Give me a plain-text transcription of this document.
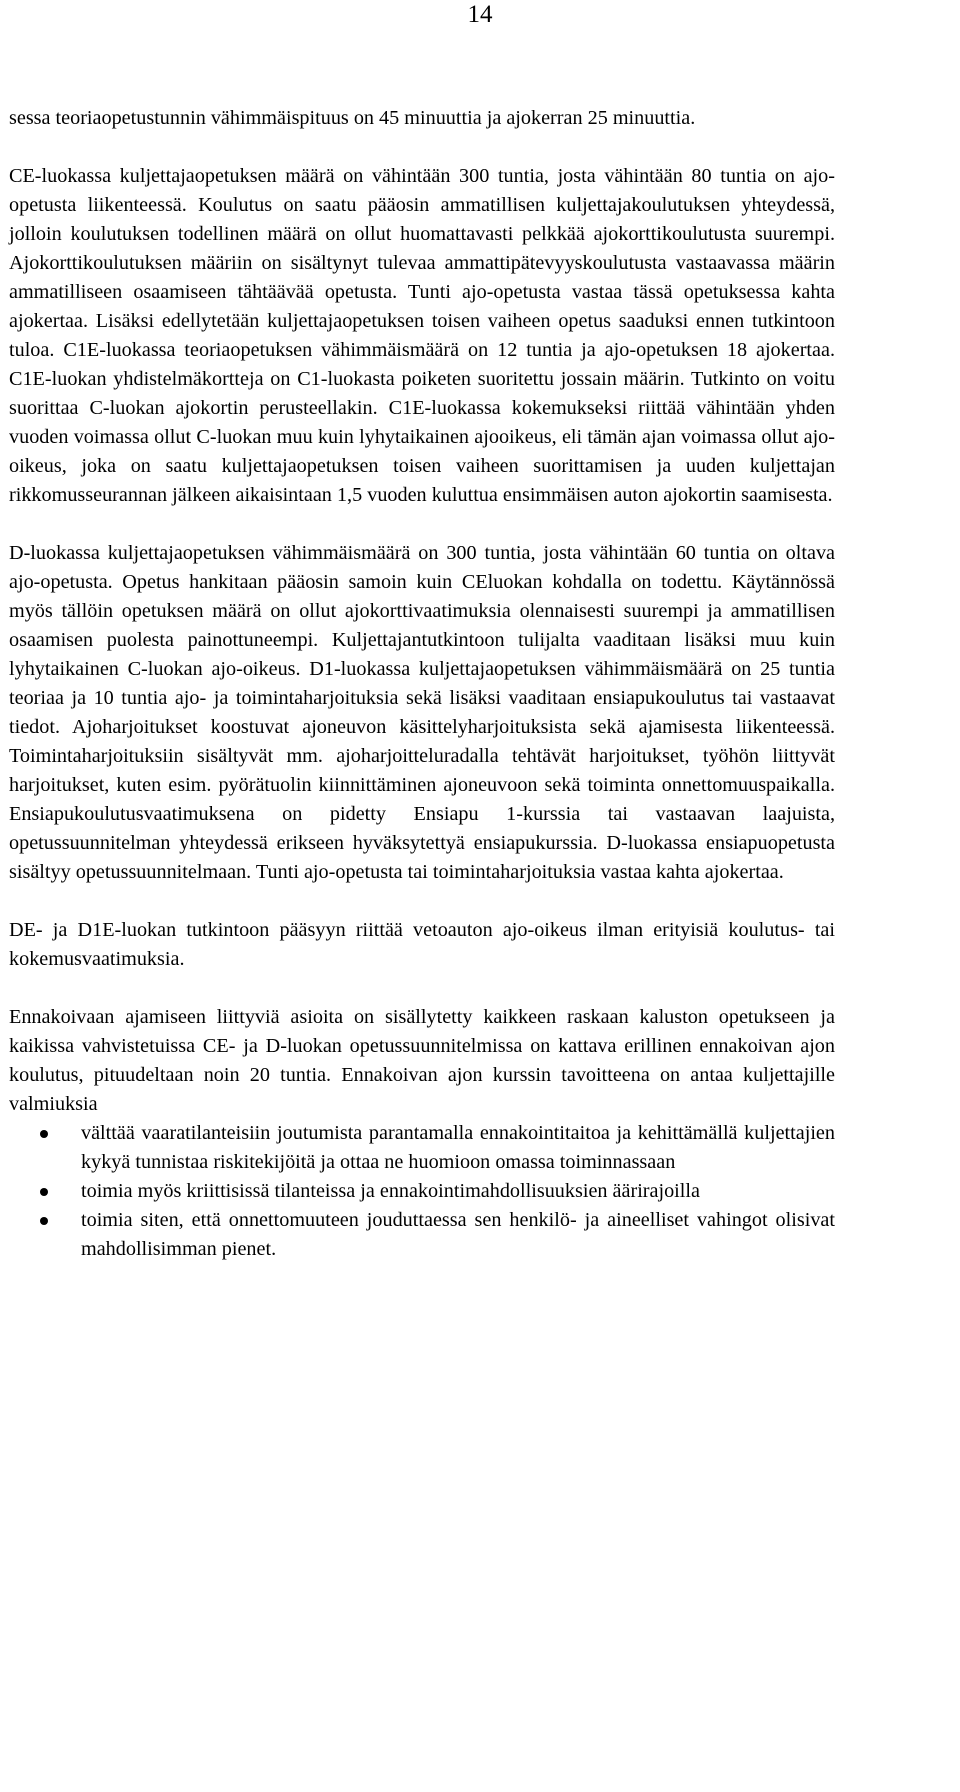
14

sessa teoriaopetustunnin vähimmäispituus on 45 minuuttia ja ajokerran 25 minuuttia.

CE-luokassa kuljettajaopetuksen määrä on vähintään 300 tuntia, josta vähintään 80 tuntia on ajo-opetusta liikenteessä. Koulutus on saatu pääosin ammatillisen kuljettajakoulutuksen yhteydessä, jolloin koulutuksen todellinen määrä on ollut huomattavasti pelkkää ajokorttikoulutusta suurempi. Ajokorttikoulutuksen määriin on sisältynyt tulevaa ammattipätevyyskoulutusta vastaavassa määrin ammatilliseen osaamiseen tähtäävää opetusta. Tunti ajo-opetusta vastaa tässä opetuksessa kahta ajokertaa. Lisäksi edellytetään kuljettajaopetuksen toisen vaiheen opetus saaduksi ennen tutkintoon tuloa. C1E-luokassa teoriaopetuksen vähimmäismäärä on 12 tuntia ja ajo-opetuksen 18 ajokertaa. C1E-luokan yhdistelmäkortteja on C1-luokasta poiketen suoritettu jossain määrin. Tutkinto on voitu suorittaa C-luokan ajokortin perusteellakin. C1E-luokassa kokemukseksi riittää vähintään yhden vuoden voimassa ollut C-luokan muu kuin lyhytaikainen ajooikeus, eli tämän ajan voimassa ollut ajo-oikeus, joka on saatu kuljettajaopetuksen toisen vaiheen suorittamisen ja uuden kuljettajan rikkomusseurannan jälkeen aikaisintaan 1,5 vuoden kuluttua ensimmäisen auton ajokortin saamisesta.

D-luokassa kuljettajaopetuksen vähimmäismäärä on 300 tuntia, josta vähintään 60 tuntia on oltava ajo-opetusta. Opetus hankitaan pääosin samoin kuin CEluokan kohdalla on todettu. Käytännössä myös tällöin opetuksen määrä on ollut ajokorttivaatimuksia olennaisesti suurempi ja ammatillisen osaamisen puolesta painottuneempi. Kuljettajantutkintoon tulijalta vaaditaan lisäksi muu kuin lyhytaikainen C-luokan ajo-oikeus. D1-luokassa kuljettajaopetuksen vähimmäismäärä on 25 tuntia teoriaa ja 10 tuntia ajo- ja toimintaharjoituksia sekä lisäksi vaaditaan ensiapukoulutus tai vastaavat tiedot. Ajoharjoitukset koostuvat ajoneuvon käsittelyharjoituksista sekä ajamisesta liikenteessä. Toimintaharjoituksiin sisältyvät mm. ajoharjoitteluradalla tehtävät harjoitukset, työhön liittyvät harjoitukset, kuten esim. pyörätuolin kiinnittäminen ajoneuvoon sekä toiminta onnettomuuspaikalla. Ensiapukoulutusvaatimuksena on pidetty Ensiapu 1-kurssia tai vastaavan laajuista, opetussuunnitelman yhteydessä erikseen hyväksytettyä ensiapukurssia. D-luokassa ensiapuopetusta sisältyy opetussuunnitelmaan. Tunti ajo-opetusta tai toimintaharjoituksia vastaa kahta ajokertaa.

DE- ja D1E-luokan tutkintoon pääsyyn riittää vetoauton ajo-oikeus ilman erityisiä koulutus- tai kokemusvaatimuksia.

Ennakoivaan ajamiseen liittyviä asioita on sisällytetty kaikkeen raskaan kaluston opetukseen ja kaikissa vahvistetuissa CE- ja D-luokan opetussuunnitelmissa on kattava erillinen ennakoivan ajon koulutus, pituudeltaan noin 20 tuntia. Ennakoivan ajon kurssin tavoitteena on antaa kuljettajille valmiuksia

välttää vaaratilanteisiin joutumista parantamalla ennakointitaitoa ja kehittämällä kuljettajien kykyä tunnistaa riskitekijöitä ja ottaa ne huomioon omassa toiminnassaan
toimia myös kriittisissä tilanteissa ja ennakointimahdollisuuksien äärirajoilla
toimia siten, että onnettomuuteen jouduttaessa sen henkilö- ja aineelliset vahingot olisivat mahdollisimman pienet.
